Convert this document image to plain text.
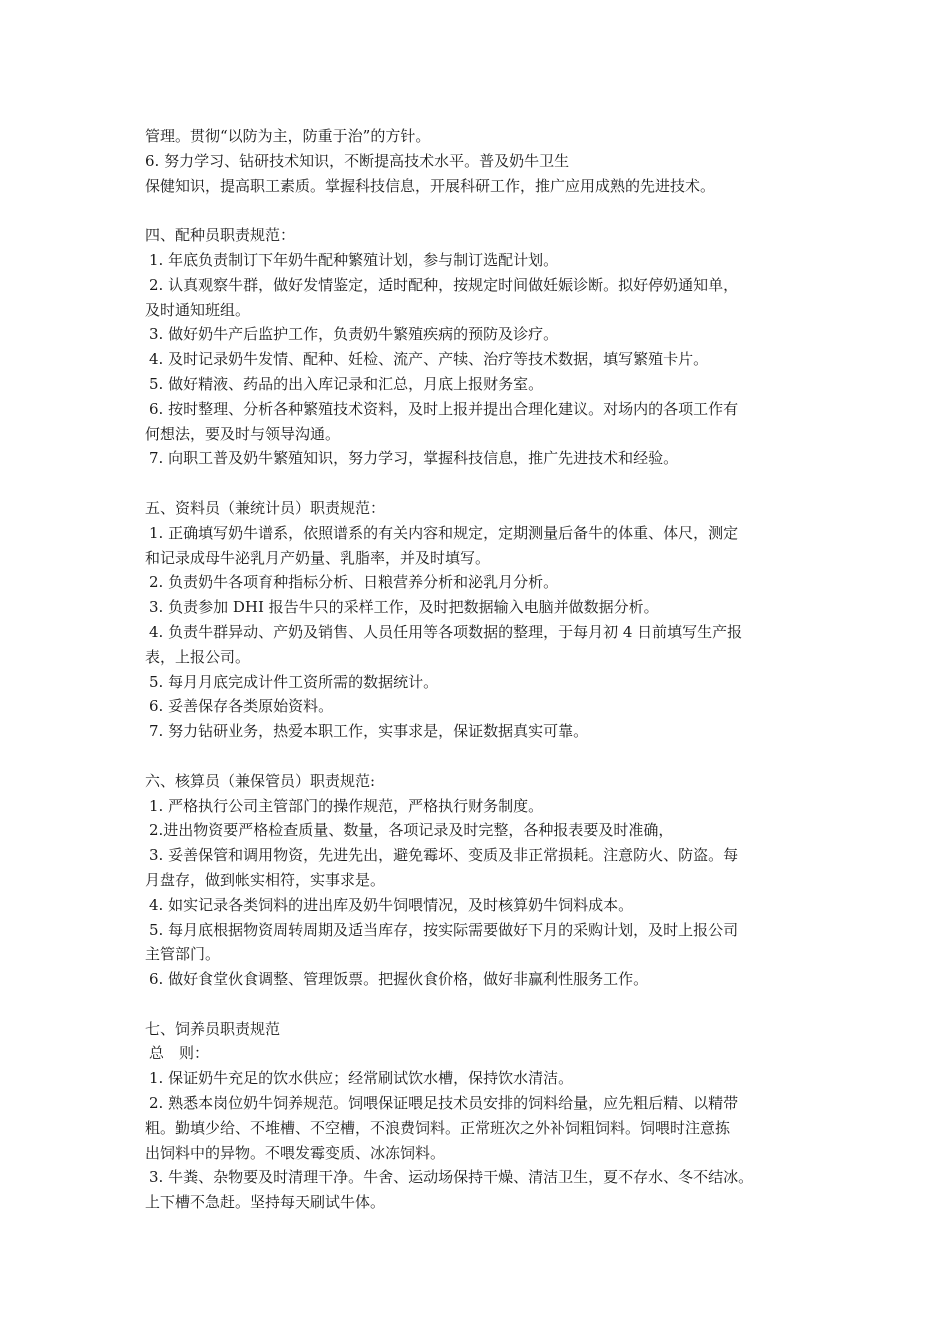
管理。贯彻“以防为主，防重于治”的方针。
6. 努力学习、钻研技术知识，不断提高技术水平。普及奶牛卫生
保健知识，提高职工素质。掌握科技信息，开展科研工作，推广应用成熟的先进技术。
四、配种员职责规范：
1. 年底负责制订下年奶牛配种繁殖计划，参与制订选配计划。
2. 认真观察牛群，做好发情鉴定，适时配种，按规定时间做妊娠诊断。拟好停奶通知单，
及时通知班组。
3. 做好奶牛产后监护工作，负责奶牛繁殖疾病的预防及诊疗。
4. 及时记录奶牛发情、配种、妊检、流产、产犊、治疗等技术数据，填写繁殖卡片。
5. 做好精液、药品的出入库记录和汇总，月底上报财务室。
6. 按时整理、分析各种繁殖技术资料，及时上报并提出合理化建议。对场内的各项工作有
何想法，要及时与领导沟通。
7. 向职工普及奶牛繁殖知识，努力学习，掌握科技信息，推广先进技术和经验。
五、资料员（兼统计员）职责规范：
1. 正确填写奶牛谱系，依照谱系的有关内容和规定，定期测量后备牛的体重、体尺，测定
和记录成母牛泌乳月产奶量、乳脂率，并及时填写。
2. 负责奶牛各项育种指标分析、日粮营养分析和泌乳月分析。
3. 负责参加 DHI 报告牛只的采样工作，及时把数据输入电脑并做数据分析。
4. 负责牛群异动、产奶及销售、人员任用等各项数据的整理，于每月初 4 日前填写生产报
表，上报公司。
5. 每月月底完成计件工资所需的数据统计。
6. 妥善保存各类原始资料。
7. 努力钻研业务，热爱本职工作，实事求是，保证数据真实可靠。
六、核算员（兼保管员）职责规范:
1. 严格执行公司主管部门的操作规范，严格执行财务制度。
2.进出物资要严格检查质量、数量，各项记录及时完整，各种报表要及时准确，
3. 妥善保管和调用物资，先进先出，避免霉坏、变质及非正常损耗。注意防火、防盗。每
月盘存，做到帐实相符，实事求是。
4. 如实记录各类饲料的进出库及奶牛饲喂情况，及时核算奶牛饲料成本。
5. 每月底根据物资周转周期及适当库存，按实际需要做好下月的采购计划，及时上报公司
主管部门。
6. 做好食堂伙食调整、管理饭票。把握伙食价格，做好非赢利性服务工作。
七、饲养员职责规范
总　则：
1. 保证奶牛充足的饮水供应；经常刷试饮水槽，保持饮水清洁。
2. 熟悉本岗位奶牛饲养规范。饲喂保证喂足技术员安排的饲料给量，应先粗后精、以精带
粗。勤填少给、不堆槽、不空槽，不浪费饲料。正常班次之外补饲粗饲料。饲喂时注意拣
出饲料中的异物。不喂发霉变质、冰冻饲料。
3. 牛粪、杂物要及时清理干净。牛舍、运动场保持干燥、清洁卫生，夏不存水、冬不结冰。
上下槽不急赶。坚持每天刷试牛体。
